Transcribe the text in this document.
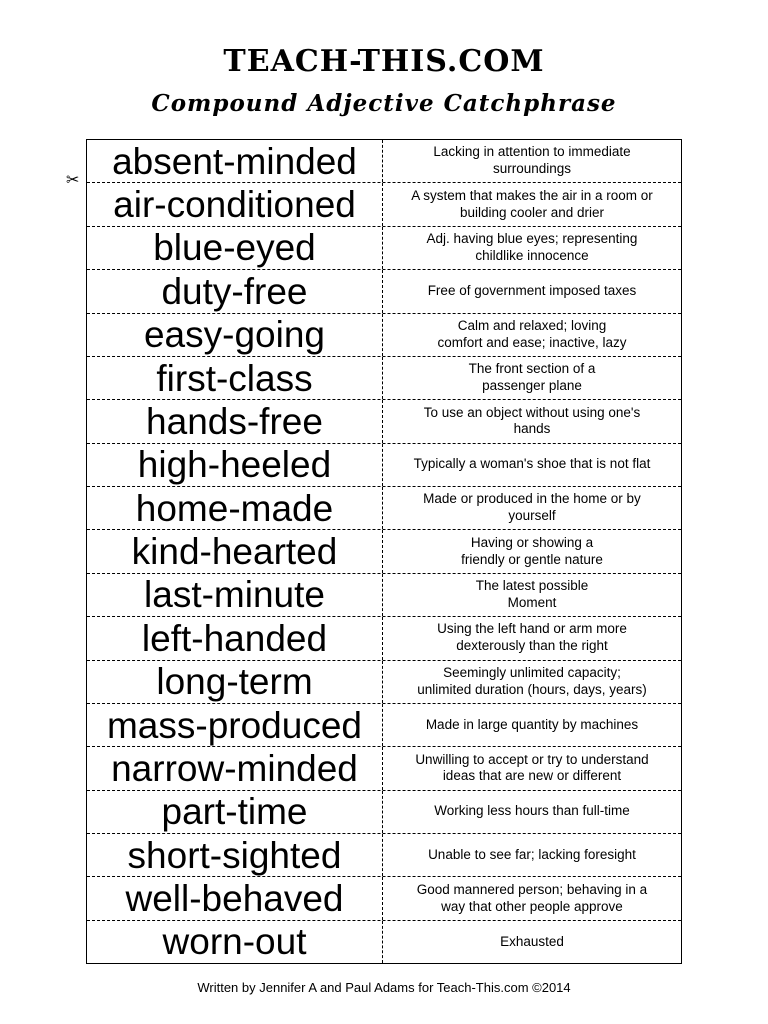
TEACH-THIS.COM
Compound Adjective Catchphrase
✂ absent-minded	Lacking in attention to immediate
surroundings
air-conditioned	A system that makes the air in a room or
building cooler and drier
blue-eyed	Adj. having blue eyes; representing
childlike innocence
duty-free	Free of government imposed taxes
easy-going	Calm and relaxed; loving
comfort and ease; inactive, lazy
first-class	The front section of a
passenger plane
hands-free	To use an object without using one's
hands
high-heeled	Typically a woman's shoe that is not flat
home-made	Made or produced in the home or by
yourself
kind-hearted	Having or showing a
friendly or gentle nature
last-minute	The latest possible
Moment
left-handed	Using the left hand or arm more
dexterously than the right
long-term	Seemingly unlimited capacity;
unlimited duration (hours, days, years)
mass-produced	Made in large quantity by machines
narrow-minded	Unwilling to accept or try to understand
ideas that are new or different
part-time	Working less hours than full-time
short-sighted	Unable to see far; lacking foresight
well-behaved	Good mannered person; behaving in a
way that other people approve
worn-out	Exhausted
Written by Jennifer A and Paul Adams for Teach-This.com ©2014
